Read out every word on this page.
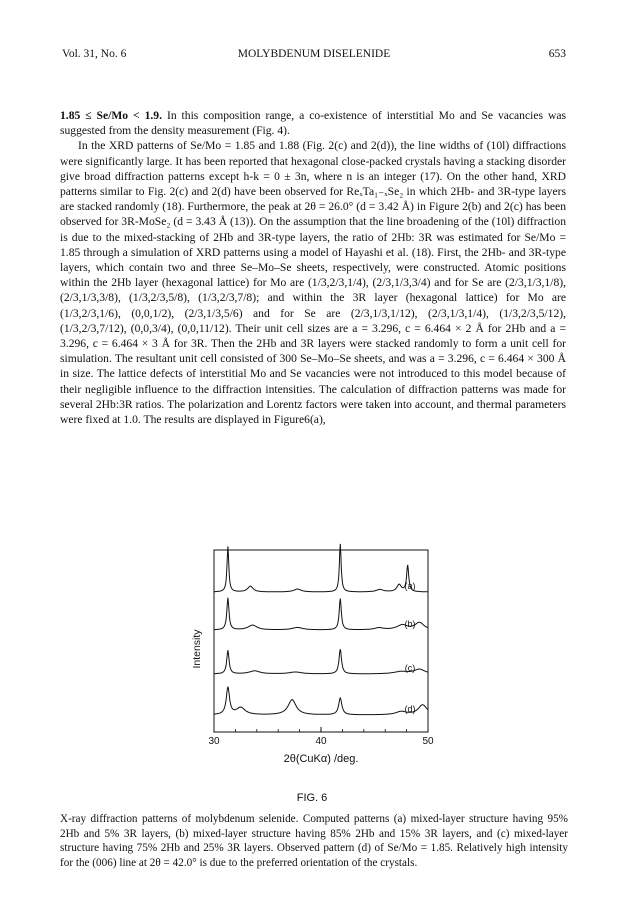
Vol. 31, No. 6	MOLYBDENUM DISELENIDE	653

1.85 ≤ Se/Mo < 1.9. In this composition range, a co-existence of interstitial Mo and Se vacancies was suggested from the density measurement (Fig. 4).

In the XRD patterns of Se/Mo = 1.85 and 1.88 (Fig. 2(c) and 2(d)), the line widths of (10l) diffractions were significantly large. It has been reported that hexagonal close-packed crystals having a stacking disorder give broad diffraction patterns except h-k = 0 ± 3n, where n is an integer (17). On the other hand, XRD patterns similar to Fig. 2(c) and 2(d) have been observed for ReₓTa₁₋ₓSe₂ in which 2Hb- and 3R-type layers are stacked randomly (18). Furthermore, the peak at 2θ = 26.0° (d = 3.42 Å) in Figure 2(b) and 2(c) has been observed for 3R-MoSe₂ (d = 3.43 Å (13)). On the assumption that the line broadening of the (10l) diffraction is due to the mixed-stacking of 2Hb and 3R-type layers, the ratio of 2Hb: 3R was estimated for Se/Mo = 1.85 through a simulation of XRD patterns using a model of Hayashi et al. (18). First, the 2Hb- and 3R-type layers, which contain two and three Se–Mo–Se sheets, respectively, were constructed. Atomic positions within the 2Hb layer (hexagonal lattice) for Mo are (1/3,2/3,1/4), (2/3,1/3,3/4) and for Se are (2/3,1/3,1/8), (2/3,1/3,3/8), (1/3,2/3,5/8), (1/3,2/3,7/8); and within the 3R layer (hexagonal lattice) for Mo are (1/3,2/3,1/6), (0,0,1/2), (2/3,1/3,5/6) and for Se are (2/3,1/3,1/12), (2/3,1/3,1/4), (1/3,2/3,5/12), (1/3,2/3,7/12), (0,0,3/4), (0,0,11/12). Their unit cell sizes are a = 3.296, c = 6.464 × 2 Å for 2Hb and a = 3.296, c = 6.464 × 3 Å for 3R. Then the 2Hb and 3R layers were stacked randomly to form a unit cell for simulation. The resultant unit cell consisted of 300 Se–Mo–Se sheets, and was a = 3.296, c = 6.464 × 300 Å in size. The lattice defects of interstitial Mo and Se vacancies were not introduced to this model because of their negligible influence to the diffraction intensities. The calculation of diffraction patterns was made for several 2Hb:3R ratios. The polarization and Lorentz factors were taken into account, and thermal parameters were fixed at 1.0. The results are displayed in Figure6(a),

30	40	50
2θ(CuKα) /deg.
Intensity
(a)
(b)
(c)
(d)
FIG. 6
X-ray diffraction patterns of molybdenum selenide. Computed patterns (a) mixed-layer structure having 95% 2Hb and 5% 3R layers, (b) mixed-layer structure having 85% 2Hb and 15% 3R layers, and (c) mixed-layer structure having 75% 2Hb and 25% 3R layers. Observed pattern (d) of Se/Mo = 1.85. Relatively high intensity for the (006) line at 2θ = 42.0° is due to the preferred orientation of the crystals.
